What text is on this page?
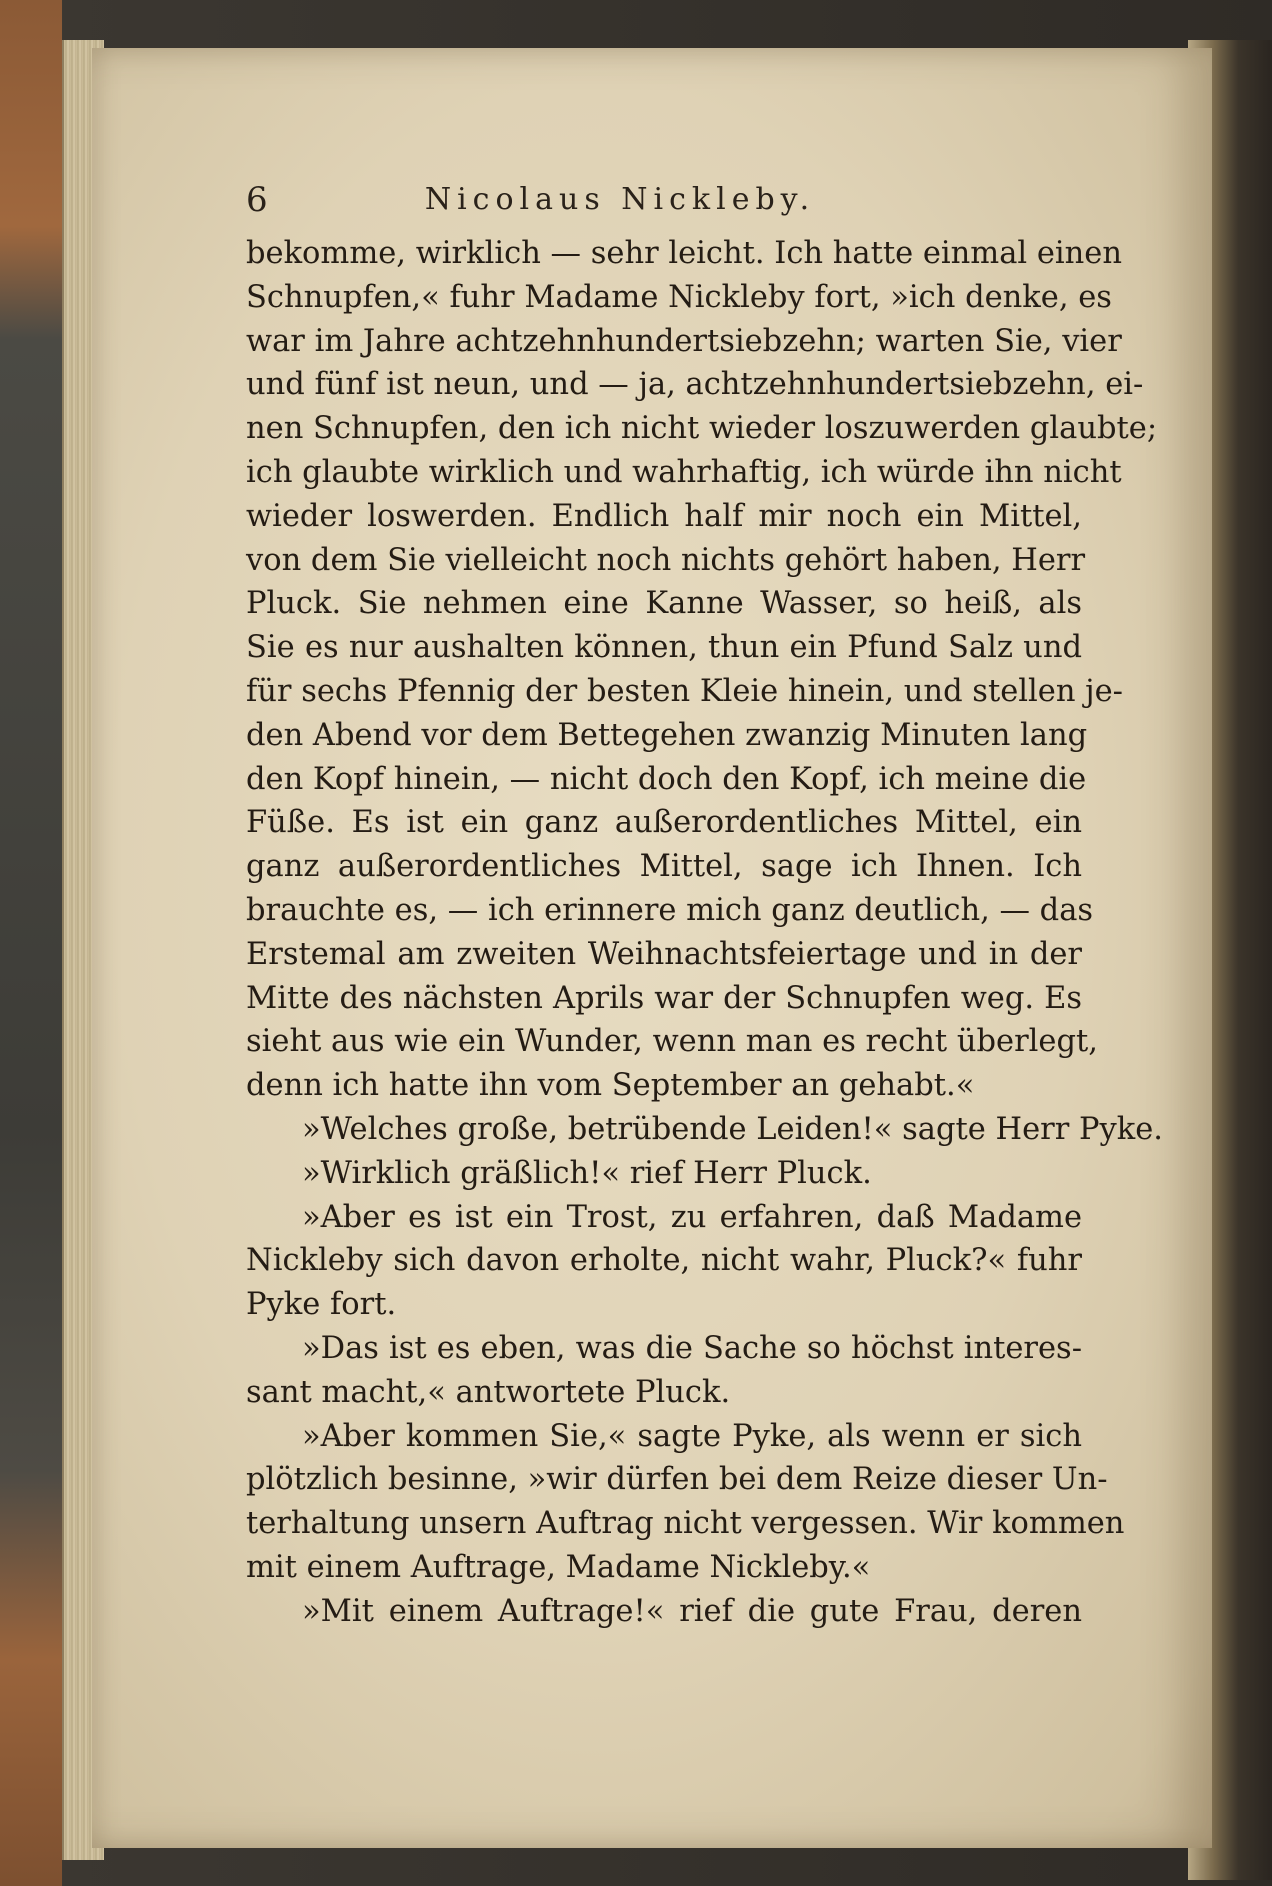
6	Nicolaus Nickleby.
bekomme, wirklich — sehr leicht. Ich hatte einmal einen
Schnupfen,« fuhr Madame Nickleby fort, »ich denke, es
war im Jahre achtzehnhundertsiebzehn; warten Sie, vier
und fünf ist neun, und — ja, achtzehnhundertsiebzehn, ei-
nen Schnupfen, den ich nicht wieder loszuwerden glaubte;
ich glaubte wirklich und wahrhaftig, ich würde ihn nicht
wieder loswerden. Endlich half mir noch ein Mittel,
von dem Sie vielleicht noch nichts gehört haben, Herr
Pluck. Sie nehmen eine Kanne Wasser, so heiß, als
Sie es nur aushalten können, thun ein Pfund Salz und
für sechs Pfennig der besten Kleie hinein, und stellen je-
den Abend vor dem Bettegehen zwanzig Minuten lang
den Kopf hinein, — nicht doch den Kopf, ich meine die
Füße. Es ist ein ganz außerordentliches Mittel, ein
ganz außerordentliches Mittel, sage ich Ihnen. Ich
brauchte es, — ich erinnere mich ganz deutlich, — das
Erstemal am zweiten Weihnachtsfeiertage und in der
Mitte des nächsten Aprils war der Schnupfen weg. Es
sieht aus wie ein Wunder, wenn man es recht überlegt,
denn ich hatte ihn vom September an gehabt.«
»Welches große, betrübende Leiden!« sagte Herr Pyke.
»Wirklich gräßlich!« rief Herr Pluck.
»Aber es ist ein Trost, zu erfahren, daß Madame
Nickleby sich davon erholte, nicht wahr, Pluck?« fuhr
Pyke fort.
»Das ist es eben, was die Sache so höchst interes-
sant macht,« antwortete Pluck.
»Aber kommen Sie,« sagte Pyke, als wenn er sich
plötzlich besinne, »wir dürfen bei dem Reize dieser Un-
terhaltung unsern Auftrag nicht vergessen. Wir kommen
mit einem Auftrage, Madame Nickleby.«
»Mit einem Auftrage!« rief die gute Frau, deren
